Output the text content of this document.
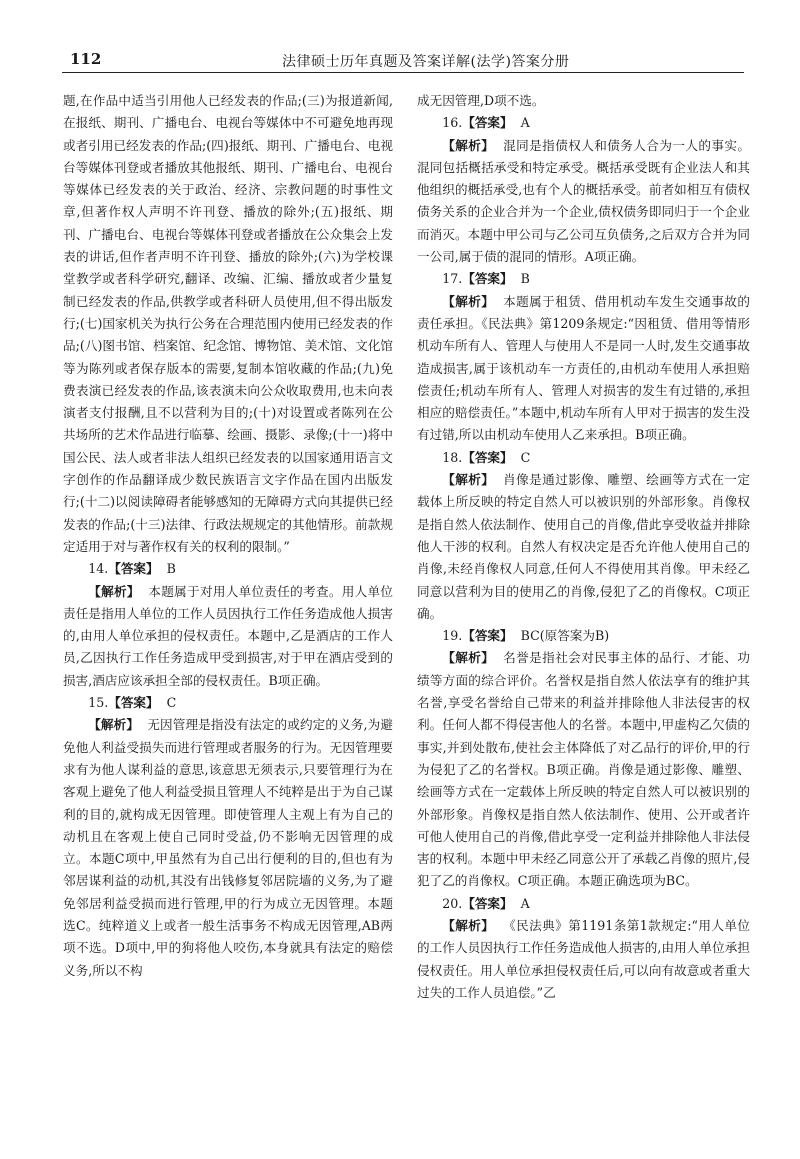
112	法律硕士历年真题及答案详解(法学)答案分册

题,在作品中适当引用他人已经发表的作品;(三)为报道新闻,在报纸、期刊、广播电台、电视台等媒体中不可避免地再现或者引用已经发表的作品;(四)报纸、期刊、广播电台、电视台等媒体刊登或者播放其他报纸、期刊、广播电台、电视台等媒体已经发表的关于政治、经济、宗教问题的时事性文章,但著作权人声明不许刊登、播放的除外;(五)报纸、期刊、广播电台、电视台等媒体刊登或者播放在公众集会上发表的讲话,但作者声明不许刊登、播放的除外;(六)为学校课堂教学或者科学研究,翻译、改编、汇编、播放或者少量复制已经发表的作品,供教学或者科研人员使用,但不得出版发行;(七)国家机关为执行公务在合理范围内使用已经发表的作品;(八)图书馆、档案馆、纪念馆、博物馆、美术馆、文化馆等为陈列或者保存版本的需要,复制本馆收藏的作品;(九)免费表演已经发表的作品,该表演未向公众收取费用,也未向表演者支付报酬,且不以营利为目的;(十)对设置或者陈列在公共场所的艺术作品进行临摹、绘画、摄影、录像;(十一)将中国公民、法人或者非法人组织已经发表的以国家通用语言文字创作的作品翻译成少数民族语言文字作品在国内出版发行;(十二)以阅读障碍者能够感知的无障碍方式向其提供已经发表的作品;(十三)法律、行政法规规定的其他情形。前款规定适用于对与著作权有关的权利的限制。”

14.【答案】 B

【解析】 本题属于对用人单位责任的考查。用人单位责任是指用人单位的工作人员因执行工作任务造成他人损害的,由用人单位承担的侵权责任。本题中,乙是酒店的工作人员,乙因执行工作任务造成甲受到损害,对于甲在酒店受到的损害,酒店应该承担全部的侵权责任。B项正确。

15.【答案】 C

【解析】 无因管理是指没有法定的或约定的义务,为避免他人利益受损失而进行管理或者服务的行为。无因管理要求有为他人谋利益的意思,该意思无须表示,只要管理行为在客观上避免了他人利益受损且管理人不纯粹是出于为自己谋利的目的,就构成无因管理。即使管理人主观上有为自己的动机且在客观上使自己同时受益,仍不影响无因管理的成立。本题C项中,甲虽然有为自己出行便利的目的,但也有为邻居谋利益的动机,其没有出钱修复邻居院墙的义务,为了避免邻居利益受损而进行管理,甲的行为成立无因管理。本题选C。纯粹道义上或者一般生活事务不构成无因管理,AB两项不选。D项中,甲的狗将他人咬伤,本身就具有法定的赔偿义务,所以不构

成无因管理,D项不选。

16.【答案】 A

【解析】 混同是指债权人和债务人合为一人的事实。混同包括概括承受和特定承受。概括承受既有企业法人和其他组织的概括承受,也有个人的概括承受。前者如相互有债权债务关系的企业合并为一个企业,债权债务即同归于一个企业而消灭。本题中甲公司与乙公司互负债务,之后双方合并为同一公司,属于债的混同的情形。A项正确。

17.【答案】 B

【解析】 本题属于租赁、借用机动车发生交通事故的责任承担。《民法典》第1209条规定:“因租赁、借用等情形机动车所有人、管理人与使用人不是同一人时,发生交通事故造成损害,属于该机动车一方责任的,由机动车使用人承担赔偿责任;机动车所有人、管理人对损害的发生有过错的,承担相应的赔偿责任。”本题中,机动车所有人甲对于损害的发生没有过错,所以由机动车使用人乙来承担。B项正确。

18.【答案】 C

【解析】 肖像是通过影像、雕塑、绘画等方式在一定载体上所反映的特定自然人可以被识别的外部形象。肖像权是指自然人依法制作、使用自己的肖像,借此享受收益并排除他人干涉的权利。自然人有权决定是否允许他人使用自己的肖像,未经肖像权人同意,任何人不得使用其肖像。甲未经乙同意以营利为目的使用乙的肖像,侵犯了乙的肖像权。C项正确。

19.【答案】 BC(原答案为B)

【解析】 名誉是指社会对民事主体的品行、才能、功绩等方面的综合评价。名誉权是指自然人依法享有的维护其名誉,享受名誉给自己带来的利益并排除他人非法侵害的权利。任何人都不得侵害他人的名誉。本题中,甲虚构乙欠债的事实,并到处散布,使社会主体降低了对乙品行的评价,甲的行为侵犯了乙的名誉权。B项正确。肖像是通过影像、雕塑、绘画等方式在一定载体上所反映的特定自然人可以被识别的外部形象。肖像权是指自然人依法制作、使用、公开或者许可他人使用自己的肖像,借此享受一定利益并排除他人非法侵害的权利。本题中甲未经乙同意公开了承载乙肖像的照片,侵犯了乙的肖像权。C项正确。本题正确选项为BC。

20.【答案】 A

【解析】 《民法典》第1191条第1款规定:“用人单位的工作人员因执行工作任务造成他人损害的,由用人单位承担侵权责任。用人单位承担侵权责任后,可以向有故意或者重大过失的工作人员追偿。”乙
